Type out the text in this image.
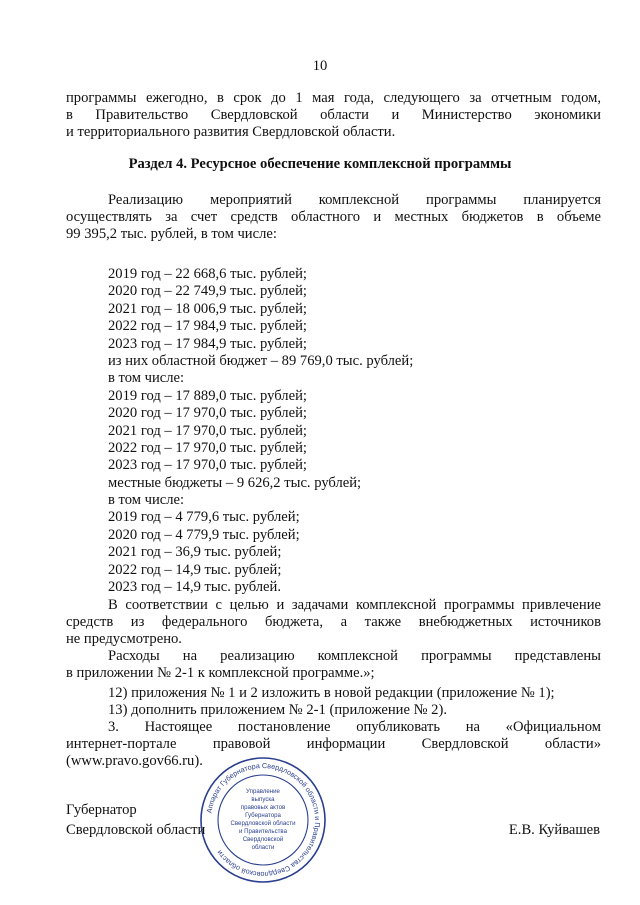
10
программы ежегодно, в срок до 1 мая года, следующего за отчетным годом,
в Правительство Свердловской области и Министерство экономики
и территориального развития Свердловской области.
Раздел 4. Ресурсное обеспечение комплексной программы
Реализацию мероприятий комплексной программы планируется
осуществлять за счет средств областного и местных бюджетов в объеме
99 395,2 тыс. рублей, в том числе:
2019 год – 22 668,6 тыс. рублей;
2020 год – 22 749,9 тыс. рублей;
2021 год – 18 006,9 тыс. рублей;
2022 год – 17 984,9 тыс. рублей;
2023 год – 17 984,9 тыс. рублей;
из них областной бюджет – 89 769,0 тыс. рублей;
в том числе:
2019 год – 17 889,0 тыс. рублей;
2020 год – 17 970,0 тыс. рублей;
2021 год – 17 970,0 тыс. рублей;
2022 год – 17 970,0 тыс. рублей;
2023 год – 17 970,0 тыс. рублей;
местные бюджеты – 9 626,2 тыс. рублей;
в том числе:
2019 год – 4 779,6 тыс. рублей;
2020 год – 4 779,9 тыс. рублей;
2021 год – 36,9 тыс. рублей;
2022 год – 14,9 тыс. рублей;
2023 год – 14,9 тыс. рублей.
В соответствии с целью и задачами комплексной программы привлечение
средств из федерального бюджета, а также внебюджетных источников
не предусмотрено.
Расходы на реализацию комплексной программы представлены
в приложении № 2-1 к комплексной программе.»;
12) приложения № 1 и 2 изложить в новой редакции (приложение № 1);
13) дополнить приложением № 2-1 (приложение № 2).
3. Настоящее постановление опубликовать на «Официальном
интернет-портале правовой информации Свердловской области»
(www.pravo.gov66.ru).
Аппарат Губернатора Свердловской области и Правительства Свердловской области
Управление
выпуска
правовых актов
Губернатора
Свердловской области
и Правительства
Свердловской
области
Губернатор
Свердловской области	Е.В. Куйвашев
